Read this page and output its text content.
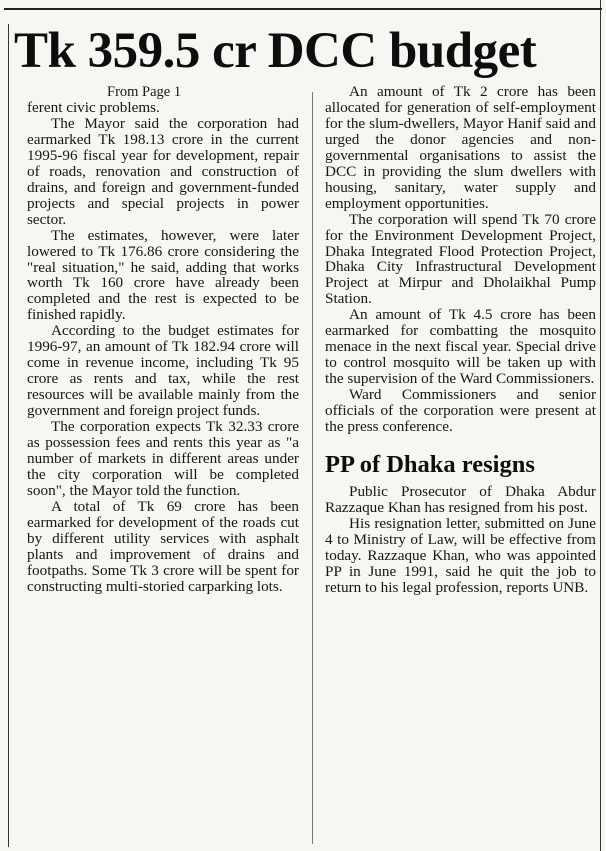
Tk 359.5 cr DCC budget
From Page 1

ferent civic problems.

The Mayor said the corporation had earmarked Tk 198.13 crore in the current 1995-96 fiscal year for development, repair of roads, renovation and construction of drains, and foreign and government-funded projects and special projects in power sector.

The estimates, however, were later lowered to Tk 176.86 crore considering the "real situation," he said, adding that works worth Tk 160 crore have already been completed and the rest is expected to be finished rapidly.

According to the budget estimates for 1996-97, an amount of Tk 182.94 crore will come in revenue income, including Tk 95 crore as rents and tax, while the rest resources will be available mainly from the government and foreign project funds.

The corporation expects Tk 32.33 crore as possession fees and rents this year as "a number of markets in different areas under the city corporation will be completed soon", the Mayor told the function.

A total of Tk 69 crore has been earmarked for development of the roads cut by different utility services with asphalt plants and improvement of drains and footpaths. Some Tk 3 crore will be spent for constructing multi-storied carparking lots.

An amount of Tk 2 crore has been allocated for generation of self-employment for the slum-dwellers, Mayor Hanif said and urged the donor agencies and non-governmental organisations to assist the DCC in providing the slum dwellers with housing, sanitary, water supply and employment opportunities.

The corporation will spend Tk 70 crore for the Environment Development Project, Dhaka Integrated Flood Protection Project, Dhaka City Infrastructural Development Project at Mirpur and Dholaikhal Pump Station.

An amount of Tk 4.5 crore has been earmarked for combatting the mosquito menace in the next fiscal year. Special drive to control mosquito will be taken up with the supervision of the Ward Commissioners.

Ward Commissioners and senior officials of the corporation were present at the press conference.

PP of Dhaka resigns

Public Prosecutor of Dhaka Abdur Razzaque Khan has resigned from his post.

His resignation letter, submitted on June 4 to Ministry of Law, will be effective from today. Razzaque Khan, who was appointed PP in June 1991, said he quit the job to return to his legal profession, reports UNB.
